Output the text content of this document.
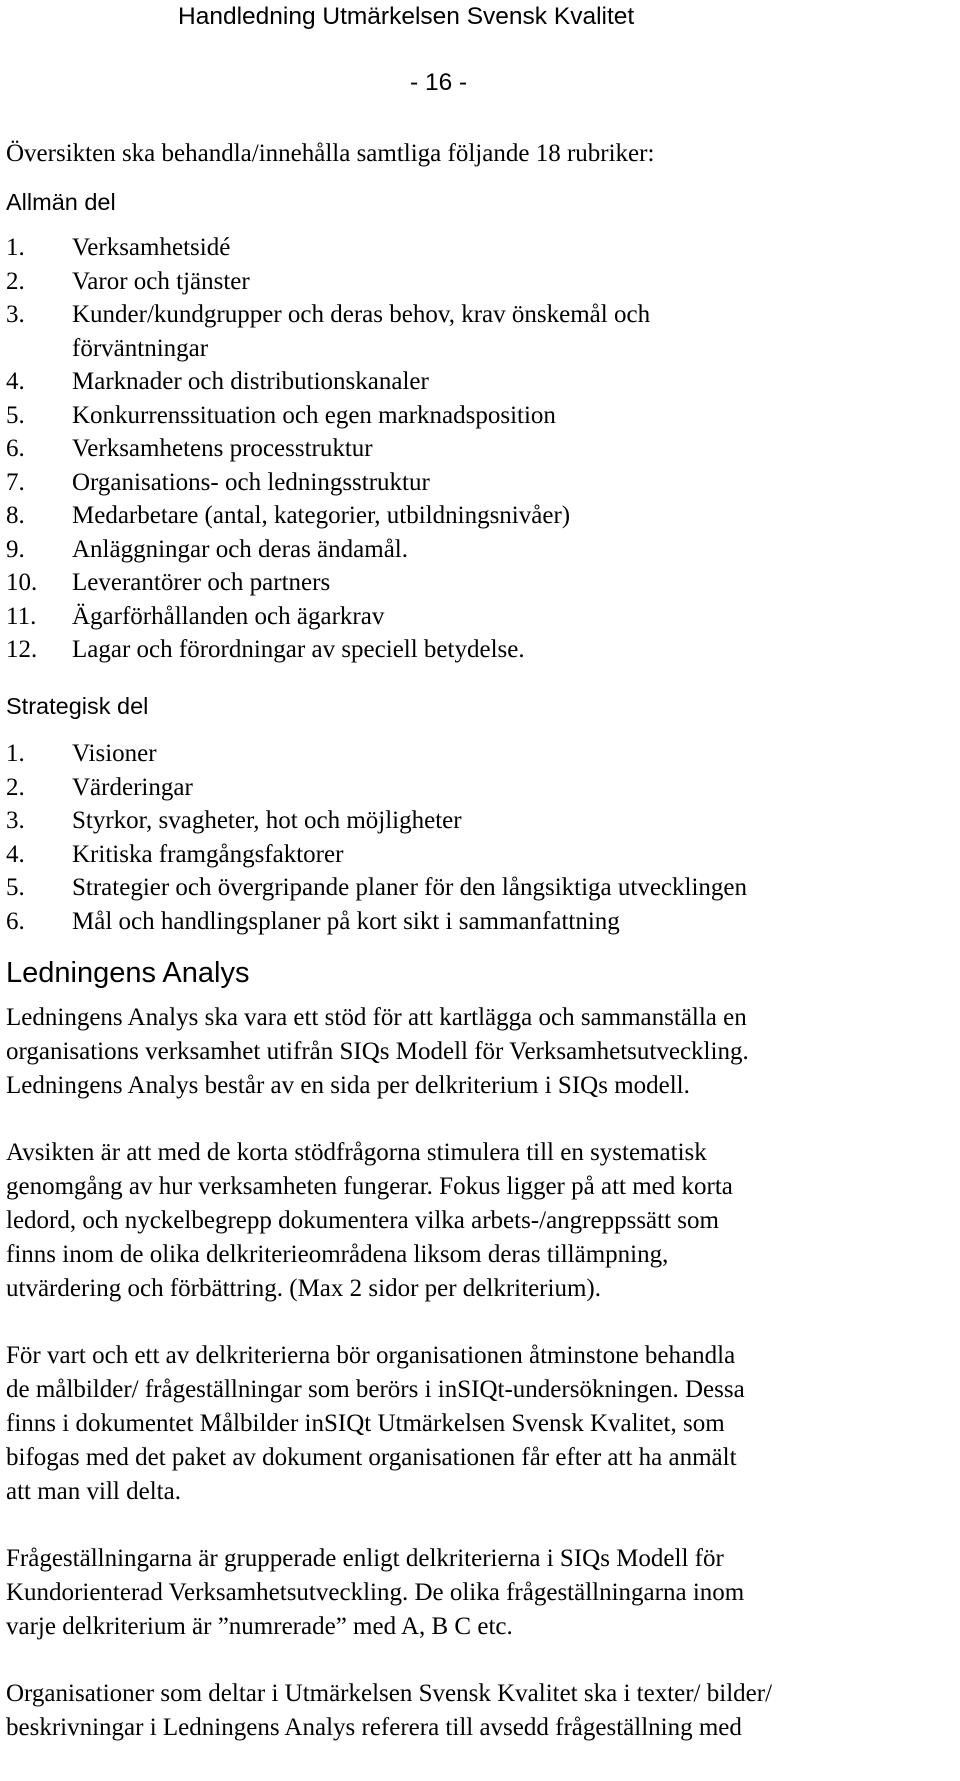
Handledning Utmärkelsen Svensk Kvalitet
- 16 -
Översikten ska behandla/innehålla samtliga följande 18 rubriker:
Allmän del
1. Verksamhetsidé
2. Varor och tjänster
3. Kunder/kundgrupper och deras behov, krav önskemål och
förväntningar
4. Marknader och distributionskanaler
5. Konkurrenssituation och egen marknadsposition
6. Verksamhetens processtruktur
7. Organisations- och ledningsstruktur
8. Medarbetare (antal, kategorier, utbildningsnivåer)
9. Anläggningar och deras ändamål.
10. Leverantörer och partners
11. Ägarförhållanden och ägarkrav
12. Lagar och förordningar av speciell betydelse.
Strategisk del
1. Visioner
2. Värderingar
3. Styrkor, svagheter, hot och möjligheter
4. Kritiska framgångsfaktorer
5. Strategier och övergripande planer för den långsiktiga utvecklingen
6. Mål och handlingsplaner på kort sikt i sammanfattning
Ledningens Analys

Ledningens Analys ska vara ett stöd för att kartlägga och sammanställa en
organisations verksamhet utifrån SIQs Modell för Verksamhetsutveckling.
Ledningens Analys består av en sida per delkriterium i SIQs modell.

Avsikten är att med de korta stödfrågorna stimulera till en systematisk
genomgång av hur verksamheten fungerar. Fokus ligger på att med korta
ledord, och nyckelbegrepp dokumentera vilka arbets-/angreppssätt som
finns inom de olika delkriterieområdena liksom deras tillämpning,
utvärdering och förbättring. (Max 2 sidor per delkriterium).

För vart och ett av delkriterierna bör organisationen åtminstone behandla
de målbilder/ frågeställningar som berörs i inSIQt-undersökningen. Dessa
finns i dokumentet Målbilder inSIQt Utmärkelsen Svensk Kvalitet, som
bifogas med det paket av dokument organisationen får efter att ha anmält
att man vill delta.

Frågeställningarna är grupperade enligt delkriterierna i SIQs Modell för
Kundorienterad Verksamhetsutveckling. De olika frågeställningarna inom
varje delkriterium är ”numrerade” med A, B C etc.

Organisationer som deltar i Utmärkelsen Svensk Kvalitet ska i texter/ bilder/
beskrivningar i Ledningens Analys referera till avsedd frågeställning med
